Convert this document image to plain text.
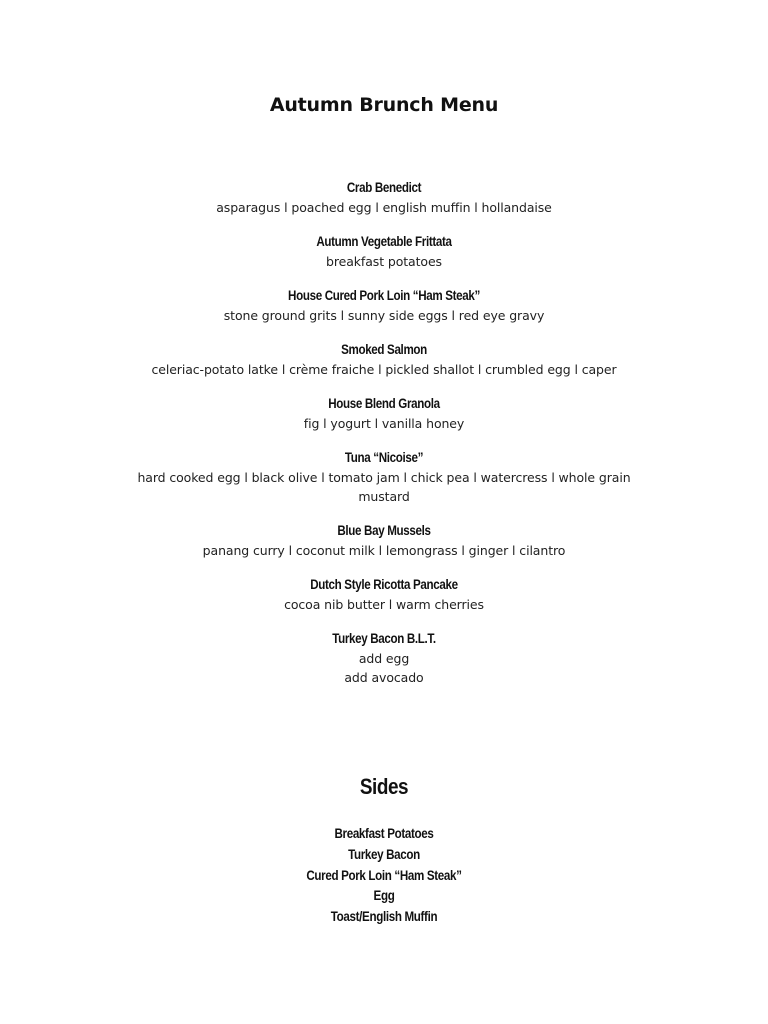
Autumn Brunch Menu
Crab Benedict
asparagus l poached egg l english muffin l hollandaise
Autumn Vegetable Frittata
breakfast potatoes
House Cured Pork Loin “Ham Steak”
stone ground grits l sunny side eggs l red eye gravy
Smoked Salmon
celeriac-potato latke l crème fraiche l pickled shallot l crumbled egg l caper
House Blend Granola
fig l yogurt l vanilla honey
Tuna “Nicoise”
hard cooked egg l black olive l tomato jam l chick pea l watercress l whole grain
mustard
Blue Bay Mussels
panang curry l coconut milk l lemongrass l ginger l cilantro
Dutch Style Ricotta Pancake
cocoa nib butter l warm cherries
Turkey Bacon B.L.T.
add egg
add avocado
Sides
Breakfast Potatoes
Turkey Bacon
Cured Pork Loin “Ham Steak”
Egg
Toast/English Muffin
